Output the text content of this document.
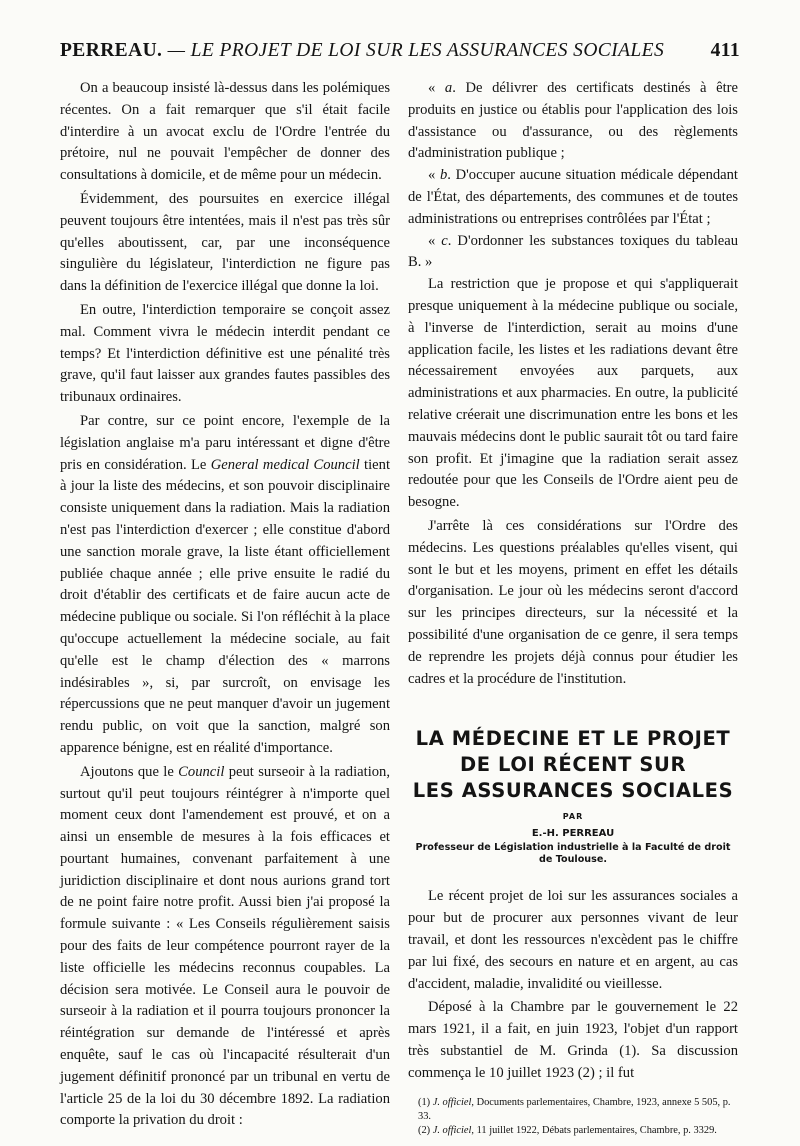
PERREAU. — LE PROJET DE LOI SUR LES ASSURANCES SOCIALES 411

On a beaucoup insisté là-dessus dans les polémiques récentes. On a fait remarquer que s'il était facile d'interdire à un avocat exclu de l'Ordre l'entrée du prétoire, nul ne pouvait l'empêcher de donner des consultations à domicile, et de même pour un médecin.

Évidemment, des poursuites en exercice illégal peuvent toujours être intentées, mais il n'est pas très sûr qu'elles aboutissent, car, par une inconséquence singulière du législateur, l'interdiction ne figure pas dans la définition de l'exercice illégal que donne la loi.

En outre, l'interdiction temporaire se conçoit assez mal. Comment vivra le médecin interdit pendant ce temps? Et l'interdiction définitive est une pénalité très grave, qu'il faut laisser aux grandes fautes passibles des tribunaux ordinaires.

Par contre, sur ce point encore, l'exemple de la législation anglaise m'a paru intéressant et digne d'être pris en considération. Le General medical Council tient à jour la liste des médecins, et son pouvoir disciplinaire consiste uniquement dans la radiation. Mais la radiation n'est pas l'interdiction d'exercer ; elle constitue d'abord une sanction morale grave, la liste étant officiellement publiée chaque année ; elle prive ensuite le radié du droit d'établir des certificats et de faire aucun acte de médecine publique ou sociale. Si l'on réfléchit à la place qu'occupe actuellement la médecine sociale, au fait qu'elle est le champ d'élection des « marrons indésirables », si, par surcroît, on envisage les répercussions que ne peut manquer d'avoir un jugement rendu public, on voit que la sanction, malgré son apparence bénigne, est en réalité d'importance.

Ajoutons que le Council peut surseoir à la radiation, surtout qu'il peut toujours réintégrer à n'importe quel moment ceux dont l'amendement est prouvé, et on a ainsi un ensemble de mesures à la fois efficaces et pourtant humaines, convenant parfaitement à une juridiction disciplinaire et dont nous aurions grand tort de ne point faire notre profit. Aussi bien j'ai proposé la formule suivante : « Les Conseils régulièrement saisis pour des faits de leur compétence pourront rayer de la liste officielle les médecins reconnus coupables. La décision sera motivée. Le Conseil aura le pouvoir de surseoir à la radiation et il pourra toujours prononcer la réintégration sur demande de l'intéressé et après enquête, sauf le cas où l'incapacité résulterait d'un jugement définitif prononcé par un tribunal en vertu de l'article 25 de la loi du 30 décembre 1892. La radiation comporte la privation du droit :

« a. De délivrer des certificats destinés à être produits en justice ou établis pour l'application des lois d'assistance ou d'assurance, ou des règlements d'administration publique ;

« b. D'occuper aucune situation médicale dépendant de l'État, des départements, des communes et de toutes administrations ou entreprises contrôlées par l'État ;

« c. D'ordonner les substances toxiques du tableau B. »

La restriction que je propose et qui s'appliquerait presque uniquement à la médecine publique ou sociale, à l'inverse de l'interdiction, serait au moins d'une application facile, les listes et les radiations devant être nécessairement envoyées aux parquets, aux administrations et aux pharmacies. En outre, la publicité relative créerait une discrimunation entre les bons et les mauvais médecins dont le public saurait tôt ou tard faire son profit. Et j'imagine que la radiation serait assez redoutée pour que les Conseils de l'Ordre aient peu de besogne.

J'arrête là ces considérations sur l'Ordre des médecins. Les questions préalables qu'elles visent, qui sont le but et les moyens, priment en effet les détails d'organisation. Le jour où les médecins seront d'accord sur les principes directeurs, sur la nécessité et la possibilité d'une organisation de ce genre, il sera temps de reprendre les projets déjà connus pour étudier les cadres et la procédure de l'institution.

LA MÉDECINE ET LE PROJET
DE LOI RÉCENT SUR
LES ASSURANCES SOCIALES
PAR
E.-H. PERREAU
Professeur de Législation industrielle à la Faculté de droit de Toulouse.

Le récent projet de loi sur les assurances sociales a pour but de procurer aux personnes vivant de leur travail, et dont les ressources n'excèdent pas le chiffre par lui fixé, des secours en nature et en argent, au cas d'accident, maladie, invalidité ou vieillesse.

Déposé à la Chambre par le gouvernement le 22 mars 1921, il a fait, en juin 1923, l'objet d'un rapport très substantiel de M. Grinda (1). Sa discussion commença le 10 juillet 1923 (2) ; il fut

(1) J. officiel, Documents parlementaires, Chambre, 1923, annexe 5 505, p. 33.
(2) J. officiel, 11 juillet 1922, Débats parlementaires, Chambre, p. 3329.
